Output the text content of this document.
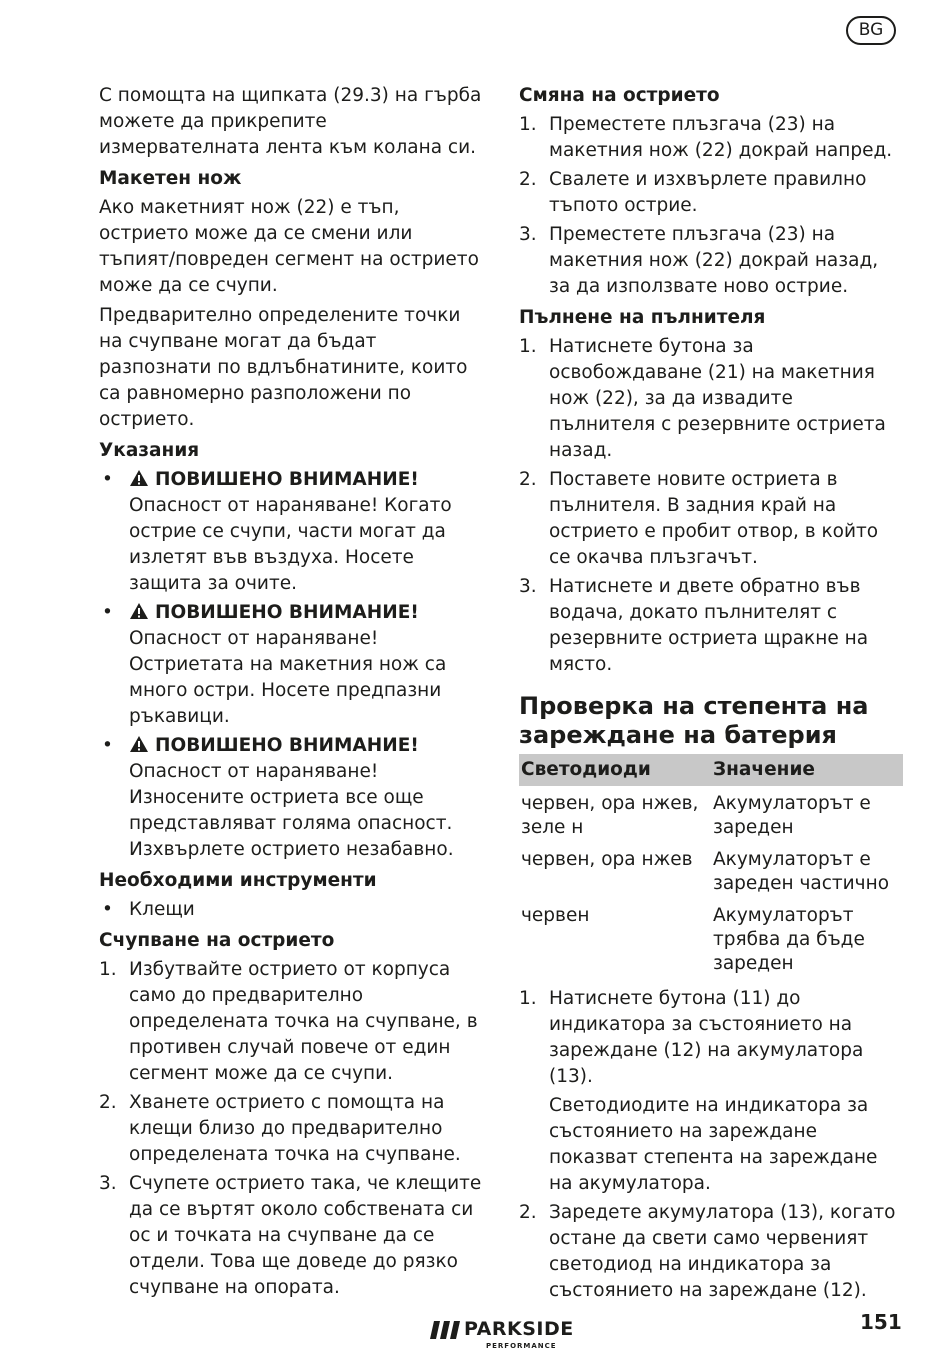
BG

С помощта на щипката (29.3) на гърба можете да прикрепите измервателната лента към колана си.

Макетен нож

Ако макетният нож (22) е тъп, острието може да се смени или тъпият/повреден сегмент на острието може да се счупи.

Предварително определените точки на счупване могат да бъдат разпознати по вдлъбнатините, които са равномерно разположени по острието.

Указания
•	ПОВИШЕНО ВНИМАНИЕ!
Опасност от нараняване! Когато острие се счупи, части могат да излетят във въздуха. Носете защита за очите.
•	ПОВИШЕНО ВНИМАНИЕ!
Опасност от нараняване! Остриетата на макетния нож са много остри. Носете предпазни ръкавици.
•	ПОВИШЕНО ВНИМАНИЕ!
Опасност от нараняване! Износените остриета все още представляват голяма опасност. Изхвърлете острието незабавно.
Необходими инструменти
• Клещи
Счупване на острието
1. Избутвайте острието от корпуса само до предварително определената точка на счупване, в противен случай повече от един сегмент може да се счупи.
2. Хванете острието с помощта на клещи близо до предварително определената точка на счупване.
3. Счупете острието така, че клещите да се въртят около собствената си ос и точката на счупване да се отдели. Това ще доведе до рязко счупване на опората.
Смяна на острието
1. Преместете плъзгача (23) на макетния нож (22) докрай напред.
2. Свалете и изхвърлете правилно тъпото острие.
3. Преместете плъзгача (23) на макетния нож (22) докрай назад, за да използвате ново острие.
Пълнене на пълнителя
1. Натиснете бутона за освобождаване (21) на макетния нож (22), за да извадите пълнителя с резервните остриета назад.
2. Поставете новите остриета в пълнителя. В задния край на острието е пробит отвор, в който се окачва плъзгачът.
3. Натиснете и двете обратно във водача, докато пълнителят с резервните остриета щракне на място.
Проверка на степента на зареждане на батерия
Светодиоди	Значение
червен, ора нжев, зеле н	Акумулаторът е зареден
червен, ора нжев	Акумулаторът е зареден частично
червен	Акумулаторът трябва да бъде зареден
1. Натиснете бутона (11) до индикатора за състоянието на зареждане (12) на акумулатора (13).
Светодиодите на индикатора за състоянието на зареждане показват степента на зареждане на акумулатора.
2. Заредете акумулатора (13), когато остане да свети само червеният светодиод на индикатора за състоянието на зареждане (12).
PARKSIDE
PERFORMANCE
151
